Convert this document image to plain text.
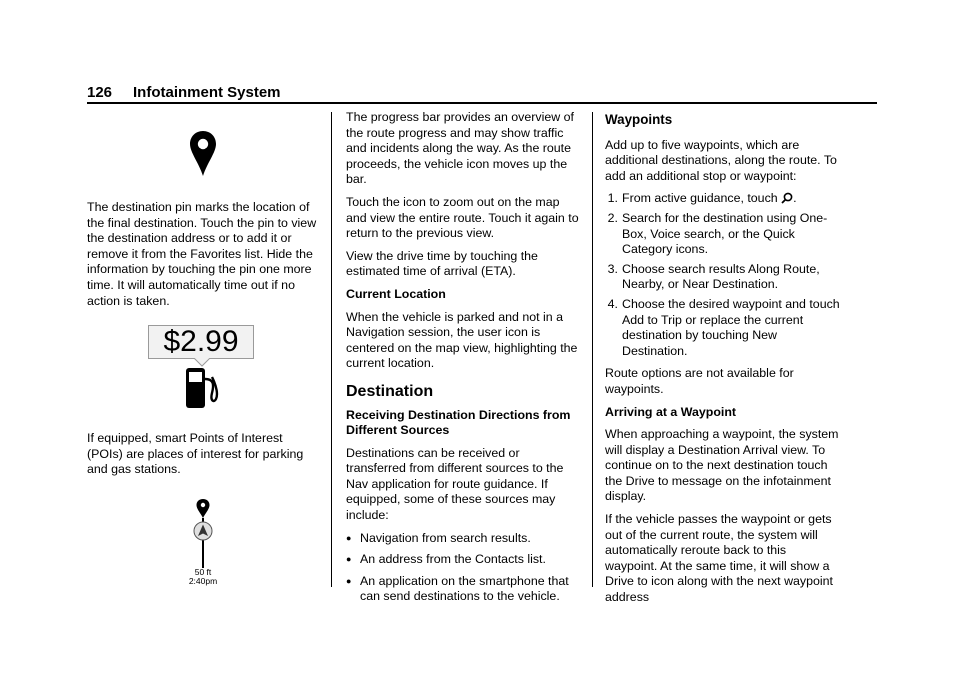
126 Infotainment System

The destination pin marks the location of the final destination. Touch the pin to view the destination address or to add it or remove it from the Favorites list. Hide the information by touching the pin one more time. It will automatically time out if no action is taken.

$2.99

If equipped, smart Points of Interest (POIs) are places of interest for parking and gas stations.

50 ft
2:40pm

The progress bar provides an overview of the route progress and may show traffic and incidents along the way. As the route proceeds, the vehicle icon moves up the bar.

Touch the icon to zoom out on the map and view the entire route. Touch it again to return to the previous view.

View the drive time by touching the estimated time of arrival (ETA).

Current Location

When the vehicle is parked and not in a Navigation session, the user icon is centered on the map view, highlighting the current location.

Destination

Receiving Destination Directions from Different Sources

Destinations can be received or transferred from different sources to the Nav application for route guidance. If equipped, some of these sources may include:

● Navigation from search results.
● An address from the Contacts list.
● An application on the smartphone that can send destinations to the vehicle.
Waypoints

Add up to five waypoints, which are additional destinations, along the route. To add an additional stop or waypoint:

1. From active guidance, touch .
2. Search for the destination using One-Box, Voice search, or the Quick Category icons.
3. Choose search results Along Route, Nearby, or Near Destination.
4. Choose the desired waypoint and touch Add to Trip or replace the current destination by touching New Destination.

Route options are not available for waypoints.

Arriving at a Waypoint

When approaching a waypoint, the system will display a Destination Arrival view. To continue on to the next destination touch the Drive to message on the infotainment display.

If the vehicle passes the waypoint or gets out of the current route, the system will automatically reroute back to this waypoint. At the same time, it will show a Drive to icon along with the next waypoint address
